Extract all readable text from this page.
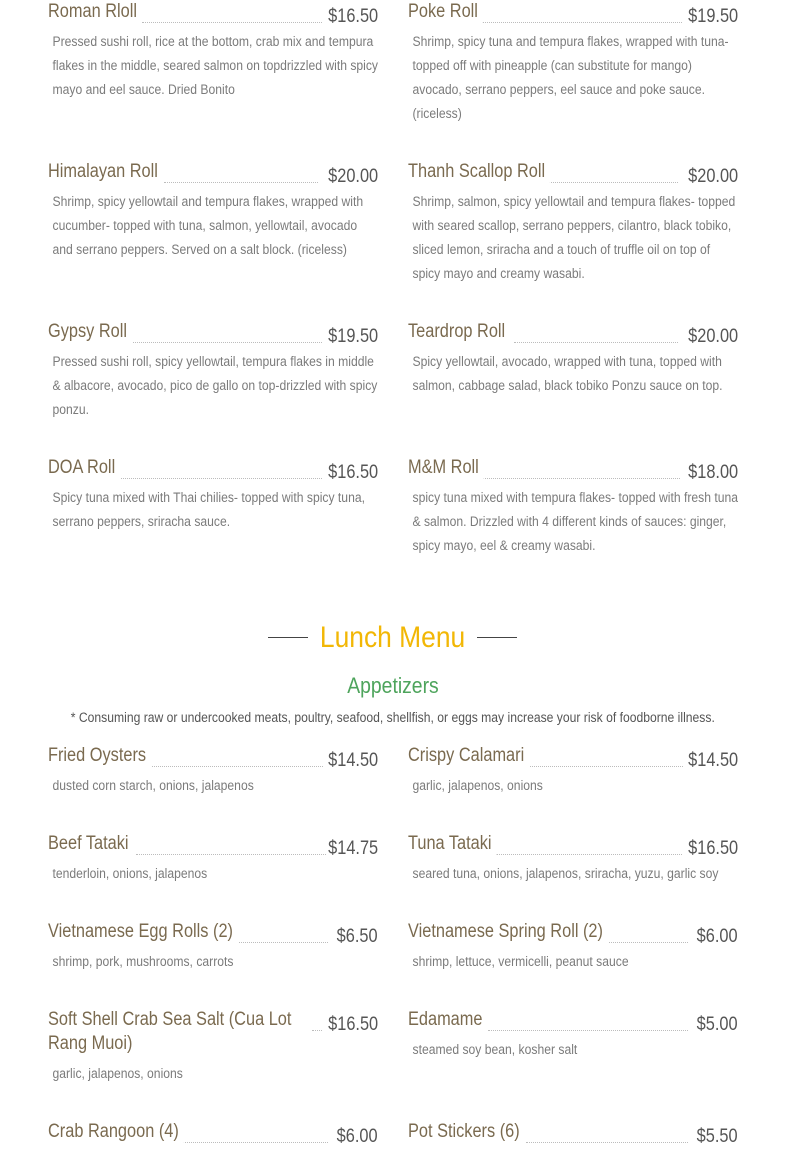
Roman Rloll	$16.50

Pressed sushi roll, rice at the bottom, crab mix and tempura flakes in the middle, seared salmon on topdrizzled with spicy mayo and eel sauce. Dried Bonito

Poke Roll	$19.50

Shrimp, spicy tuna and tempura flakes, wrapped with tuna- topped off with pineapple (can substitute for mango) avocado, serrano peppers, eel sauce and poke sauce. (riceless)

Himalayan Roll	$20.00

Shrimp, spicy yellowtail and tempura flakes, wrapped with cucumber- topped with tuna, salmon, yellowtail, avocado and serrano peppers. Served on a salt block. (riceless)

Thanh Scallop Roll	$20.00

Shrimp, salmon, spicy yellowtail and tempura flakes- topped with seared scallop, serrano peppers, cilantro, black tobiko, sliced lemon, sriracha and a touch of truffle oil on top of spicy mayo and creamy wasabi.

Gypsy Roll	$19.50

Pressed sushi roll, spicy yellowtail, tempura flakes in middle & albacore, avocado, pico de gallo on top-drizzled with spicy ponzu.

Teardrop Roll	$20.00

Spicy yellowtail, avocado, wrapped with tuna, topped with salmon, cabbage salad, black tobiko Ponzu sauce on top.

DOA Roll	$16.50

Spicy tuna mixed with Thai chilies- topped with spicy tuna, serrano peppers, sriracha sauce.

M&M Roll	$18.00

spicy tuna mixed with tempura flakes- topped with fresh tuna & salmon. Drizzled with 4 different kinds of sauces: ginger, spicy mayo, eel & creamy wasabi.

Lunch Menu
Appetizers
* Consuming raw or undercooked meats, poultry, seafood, shellfish, or eggs may increase your risk of foodborne illness.
Fried Oysters	$14.50

dusted corn starch, onions, jalapenos

Crispy Calamari	$14.50

garlic, jalapenos, onions

Beef Tataki	$14.75

tenderloin, onions, jalapenos

Tuna Tataki	$16.50

seared tuna, onions, jalapenos, sriracha, yuzu, garlic soy

Vietnamese Egg Rolls (2)	$6.50

shrimp, pork, mushrooms, carrots

Vietnamese Spring Roll (2)	$6.00

shrimp, lettuce, vermicelli, peanut sauce

Soft Shell Crab Sea Salt (Cua Lot Rang Muoi)
$16.50

garlic, jalapenos, onions

Edamame	$5.00

steamed soy bean, kosher salt

Crab Rangoon (4)	$6.00 Pot Stickers (6)	$5.50
